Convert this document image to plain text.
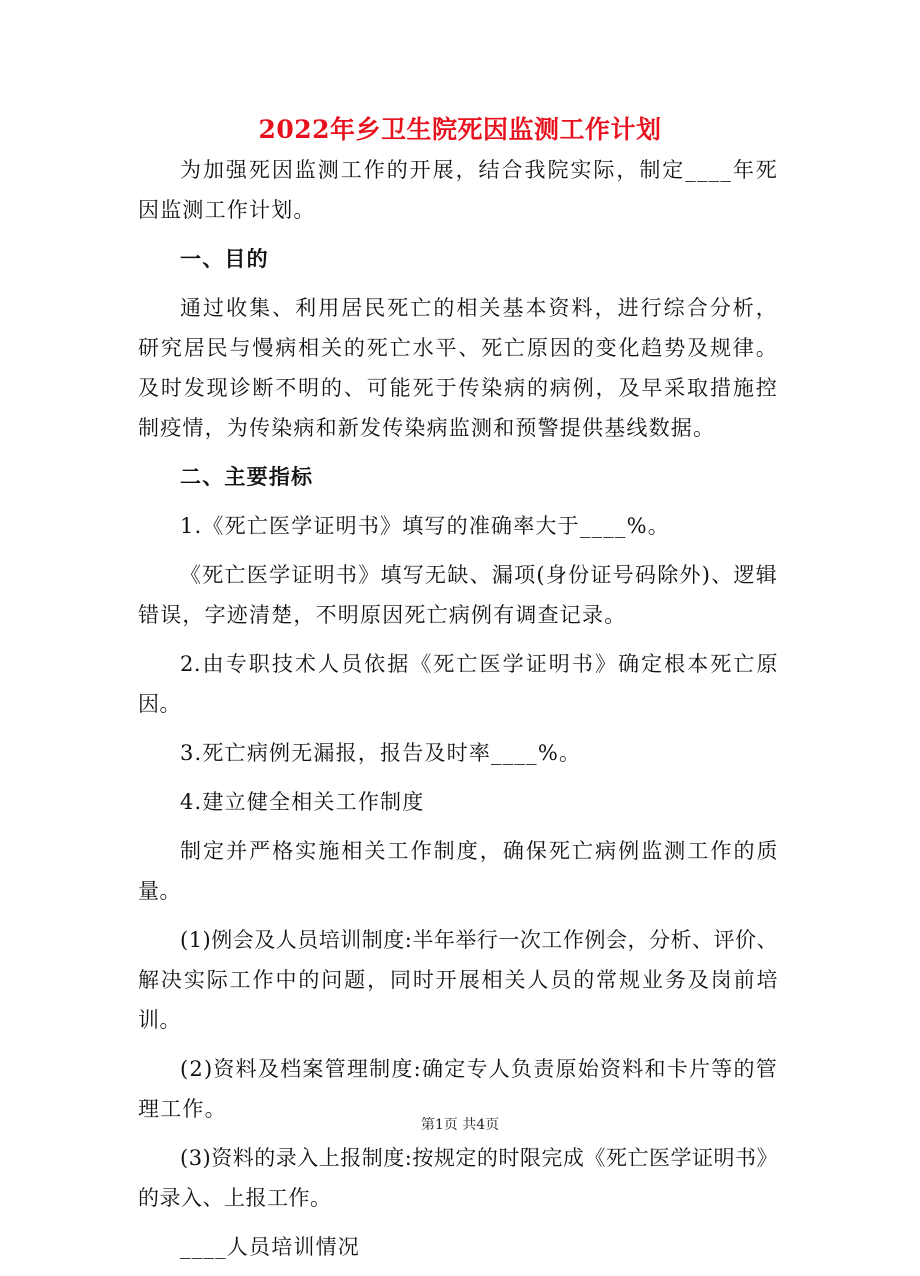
2022年乡卫生院死因监测工作计划

为加强死因监测工作的开展，结合我院实际，制定____年死因监测工作计划。

一、目的

通过收集、利用居民死亡的相关基本资料，进行综合分析，研究居民与慢病相关的死亡水平、死亡原因的变化趋势及规律。及时发现诊断不明的、可能死于传染病的病例，及早采取措施控制疫情，为传染病和新发传染病监测和预警提供基线数据。

二、主要指标

1.《死亡医学证明书》填写的准确率大于____%。

《死亡医学证明书》填写无缺、漏项(身份证号码除外)、逻辑错误，字迹清楚，不明原因死亡病例有调查记录。

2.由专职技术人员依据《死亡医学证明书》确定根本死亡原因。

3.死亡病例无漏报，报告及时率____%。

4.建立健全相关工作制度

制定并严格实施相关工作制度，确保死亡病例监测工作的质量。

(1)例会及人员培训制度:半年举行一次工作例会，分析、评价、解决实际工作中的问题，同时开展相关人员的常规业务及岗前培训。

(2)资料及档案管理制度:确定专人负责原始资料和卡片等的管理工作。

(3)资料的录入上报制度:按规定的时限完成《死亡医学证明书》的录入、上报工作。

____人员培训情况

第1页 共4页
